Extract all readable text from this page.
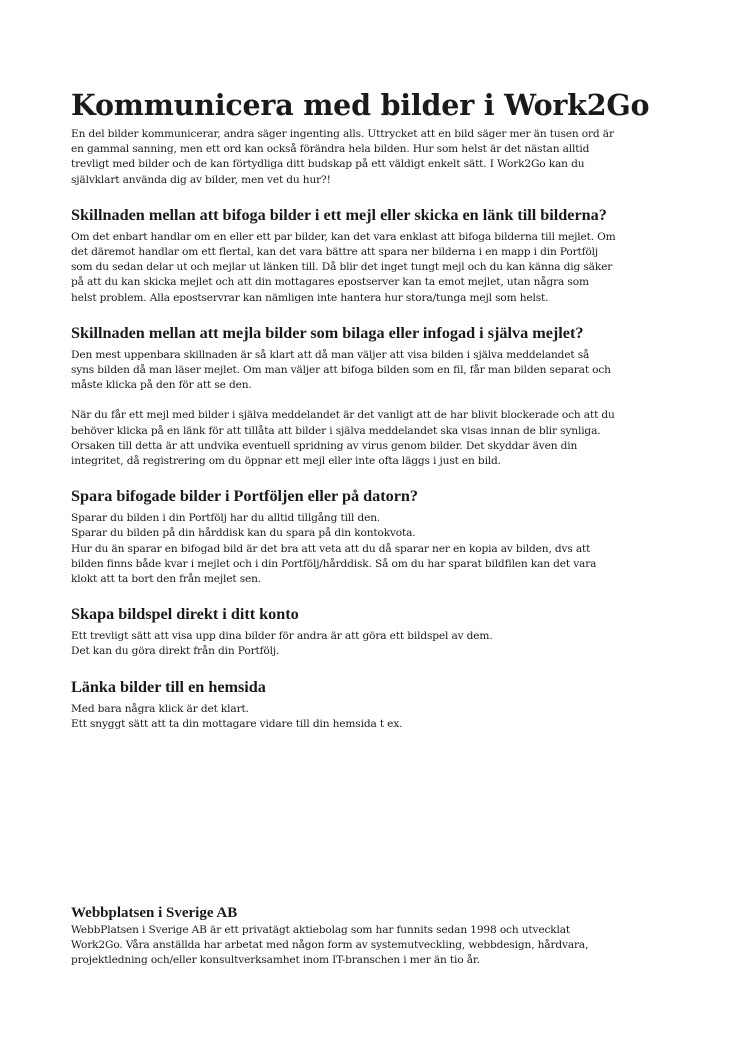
Kommunicera med bilder i Work2Go

En del bilder kommunicerar, andra säger ingenting alls. Uttrycket att en bild säger mer än tusen ord är
en gammal sanning, men ett ord kan också förändra hela bilden. Hur som helst är det nästan alltid
trevligt med bilder och de kan förtydliga ditt budskap på ett väldigt enkelt sätt. I Work2Go kan du
självklart använda dig av bilder, men vet du hur?!

Skillnaden mellan att bifoga bilder i ett mejl eller skicka en länk till bilderna?

Om det enbart handlar om en eller ett par bilder, kan det vara enklast att bifoga bilderna till mejlet. Om
det däremot handlar om ett flertal, kan det vara bättre att spara ner bilderna i en mapp i din Portfölj
som du sedan delar ut och mejlar ut länken till. Då blir det inget tungt mejl och du kan känna dig säker
på att du kan skicka mejlet och att din mottagares epostserver kan ta emot mejlet, utan några som
helst problem. Alla epostservrar kan nämligen inte hantera hur stora/tunga mejl som helst.

Skillnaden mellan att mejla bilder som bilaga eller infogad i själva mejlet?

Den mest uppenbara skillnaden är så klart att då man väljer att visa bilden i själva meddelandet så
syns bilden då man läser mejlet. Om man väljer att bifoga bilden som en fil, får man bilden separat och
måste klicka på den för att se den.

När du får ett mejl med bilder i själva meddelandet är det vanligt att de har blivit blockerade och att du
behöver klicka på en länk för att tillåta att bilder i själva meddelandet ska visas innan de blir synliga.
Orsaken till detta är att undvika eventuell spridning av virus genom bilder. Det skyddar även din
integritet, då registrering om du öppnar ett mejl eller inte ofta läggs i just en bild.

Spara bifogade bilder i Portföljen eller på datorn?

Sparar du bilden i din Portfölj har du alltid tillgång till den.
Sparar du bilden på din hårddisk kan du spara på din kontokvota.
Hur du än sparar en bifogad bild är det bra att veta att du då sparar ner en kopia av bilden, dvs att
bilden finns både kvar i mejlet och i din Portfölj/hårddisk. Så om du har sparat bildfilen kan det vara
klokt att ta bort den från mejlet sen.

Skapa bildspel direkt i ditt konto

Ett trevligt sätt att visa upp dina bilder för andra är att göra ett bildspel av dem.
Det kan du göra direkt från din Portfölj.

Länka bilder till en hemsida

Med bara några klick är det klart.
Ett snyggt sätt att ta din mottagare vidare till din hemsida t ex.

Webbplatsen i Sverige AB

WebbPlatsen i Sverige AB är ett privatägt aktiebolag som har funnits sedan 1998 och utvecklat
Work2Go. Våra anställda har arbetat med någon form av systemutveckling, webbdesign, hårdvara,
projektledning och/eller konsultverksamhet inom IT-branschen i mer än tio år.
